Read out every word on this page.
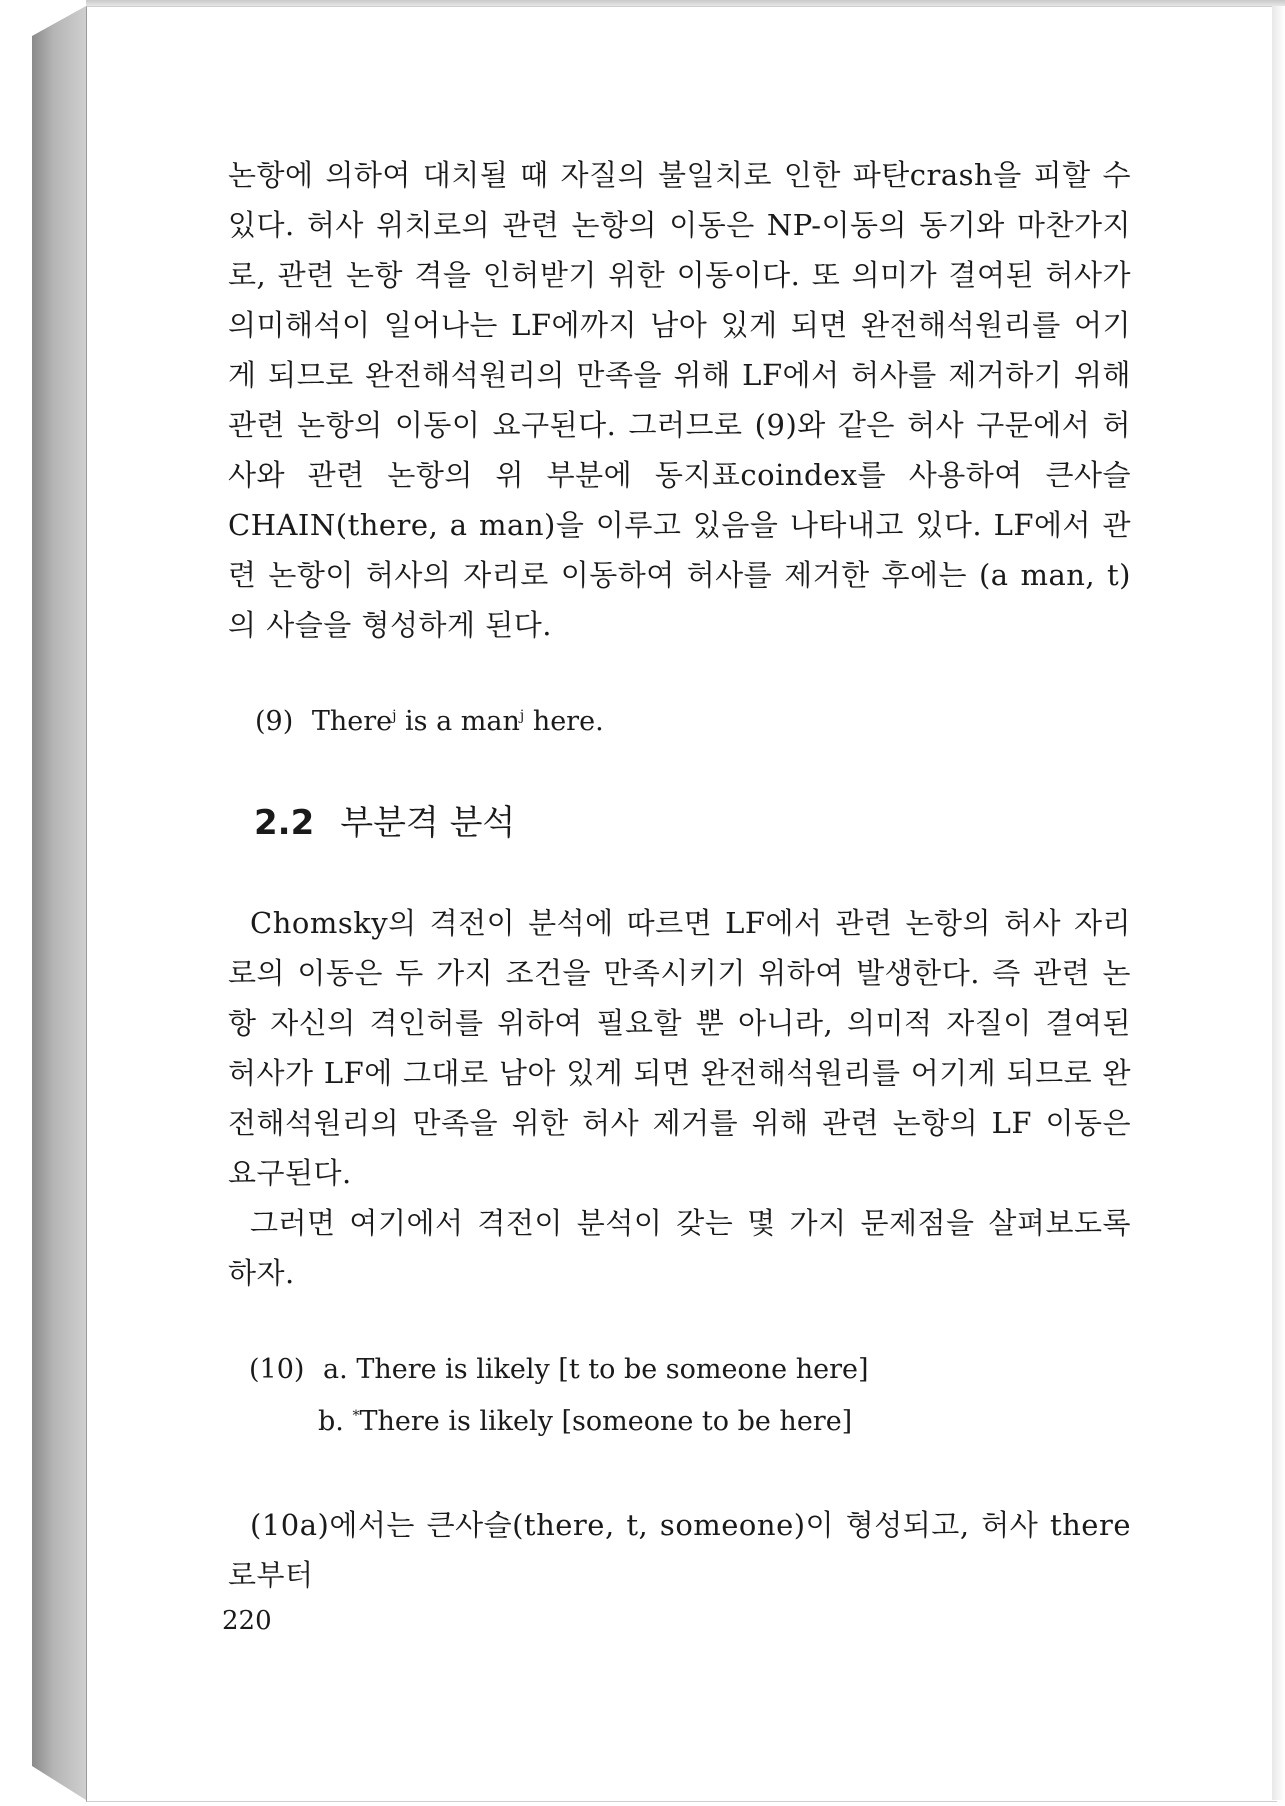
논항에 의하여 대치될 때 자질의 불일치로 인한 파탄crash을 피할 수 있다. 허사 위치로의 관련 논항의 이동은 NP-이동의 동기와 마찬가지로, 관련 논항 격을 인허받기 위한 이동이다. 또 의미가 결여된 허사가 의미해석이 일어나는 LF에까지 남아 있게 되면 완전해석원리를 어기게 되므로 완전해석원리의 만족을 위해 LF에서 허사를 제거하기 위해 관련 논항의 이동이 요구된다. 그러므로 (9)와 같은 허사 구문에서 허사와 관련 논항의 위 부분에 동지표coindex를 사용하여 큰사슬 CHAIN(there, a man)을 이루고 있음을 나타내고 있다. LF에서 관련 논항이 허사의 자리로 이동하여 허사를 제거한 후에는 (a man, t)의 사슬을 형성하게 된다.

(9) There$^j$ is a man$^j$ here.
2.2 부분격 분석

Chomsky의 격전이 분석에 따르면 LF에서 관련 논항의 허사 자리로의 이동은 두 가지 조건을 만족시키기 위하여 발생한다. 즉 관련 논항 자신의 격인허를 위하여 필요할 뿐 아니라, 의미적 자질이 결여된 허사가 LF에 그대로 남아 있게 되면 완전해석원리를 어기게 되므로 완전해석원리의 만족을 위한 허사 제거를 위해 관련 논항의 LF 이동은 요구된다.

그러면 여기에서 격전이 분석이 갖는 몇 가지 문제점을 살펴보도록 하자.

(10) a. There is likely [t to be someone here]
b. *There is likely [someone to be here]

(10a)에서는 큰사슬(there, t, someone)이 형성되고, 허사 there로부터

220
